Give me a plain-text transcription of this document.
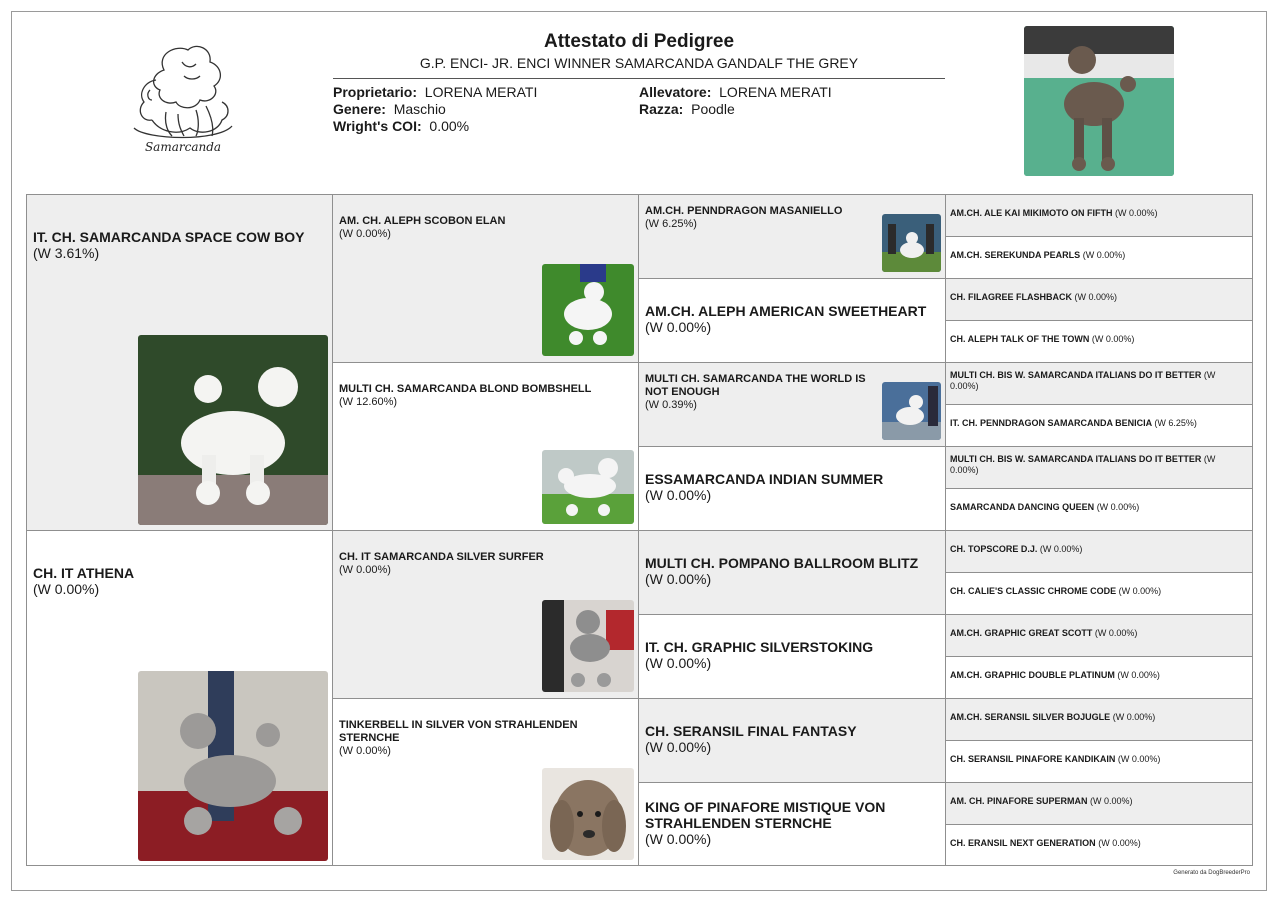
Samarcanda
Attestato di Pedigree
G.P. ENCI- JR. ENCI WINNER SAMARCANDA GANDALF THE GREY
Proprietario: LORENA MERATI
Genere: Maschio
Wright's COI: 0.00%
Allevatore: LORENA MERATI
Razza: Poodle
IT. CH. SAMARCANDA SPACE COW BOY
(W 3.61%)
CH. IT ATHENA
(W 0.00%)
AM. CH. ALEPH SCOBON ELAN
(W 0.00%)
MULTI CH. SAMARCANDA BLOND BOMBSHELL
(W 12.60%)
CH. IT SAMARCANDA SILVER SURFER
(W 0.00%)
TINKERBELL IN SILVER VON STRAHLENDEN STERNCHE
(W 0.00%)
AM.CH. PENNDRAGON MASANIELLO
(W 6.25%)
AM.CH. ALEPH AMERICAN SWEETHEART
(W 0.00%)
MULTI CH. SAMARCANDA THE WORLD IS NOT ENOUGH
(W 0.39%)
ESSAMARCANDA INDIAN SUMMER
(W 0.00%)
MULTI CH. POMPANO BALLROOM BLITZ
(W 0.00%)
IT. CH. GRAPHIC SILVERSTOKING
(W 0.00%)
CH. SERANSIL FINAL FANTASY
(W 0.00%)
KING OF PINAFORE MISTIQUE VON STRAHLENDEN STERNCHE
(W 0.00%)
AM.CH. ALE KAI MIKIMOTO ON FIFTH (W 0.00%)
AM.CH. SEREKUNDA PEARLS (W 0.00%)
CH. FILAGREE FLASHBACK (W 0.00%)
CH. ALEPH TALK OF THE TOWN (W 0.00%)
MULTI CH. BIS W. SAMARCANDA ITALIANS DO IT BETTER (W 0.00%)
IT. CH. PENNDRAGON SAMARCANDA BENICIA (W 6.25%)
MULTI CH. BIS W. SAMARCANDA ITALIANS DO IT BETTER (W 0.00%)
SAMARCANDA DANCING QUEEN (W 0.00%)
CH. TOPSCORE D.J. (W 0.00%)
CH. CALIE'S CLASSIC CHROME CODE (W 0.00%)
AM.CH. GRAPHIC GREAT SCOTT (W 0.00%)
AM.CH. GRAPHIC DOUBLE PLATINUM (W 0.00%)
AM.CH. SERANSIL SILVER BOJUGLE (W 0.00%)
CH. SERANSIL PINAFORE KANDIKAIN (W 0.00%)
AM. CH. PINAFORE SUPERMAN (W 0.00%)
CH. ERANSIL NEXT GENERATION (W 0.00%)
Generato da DogBreederPro
